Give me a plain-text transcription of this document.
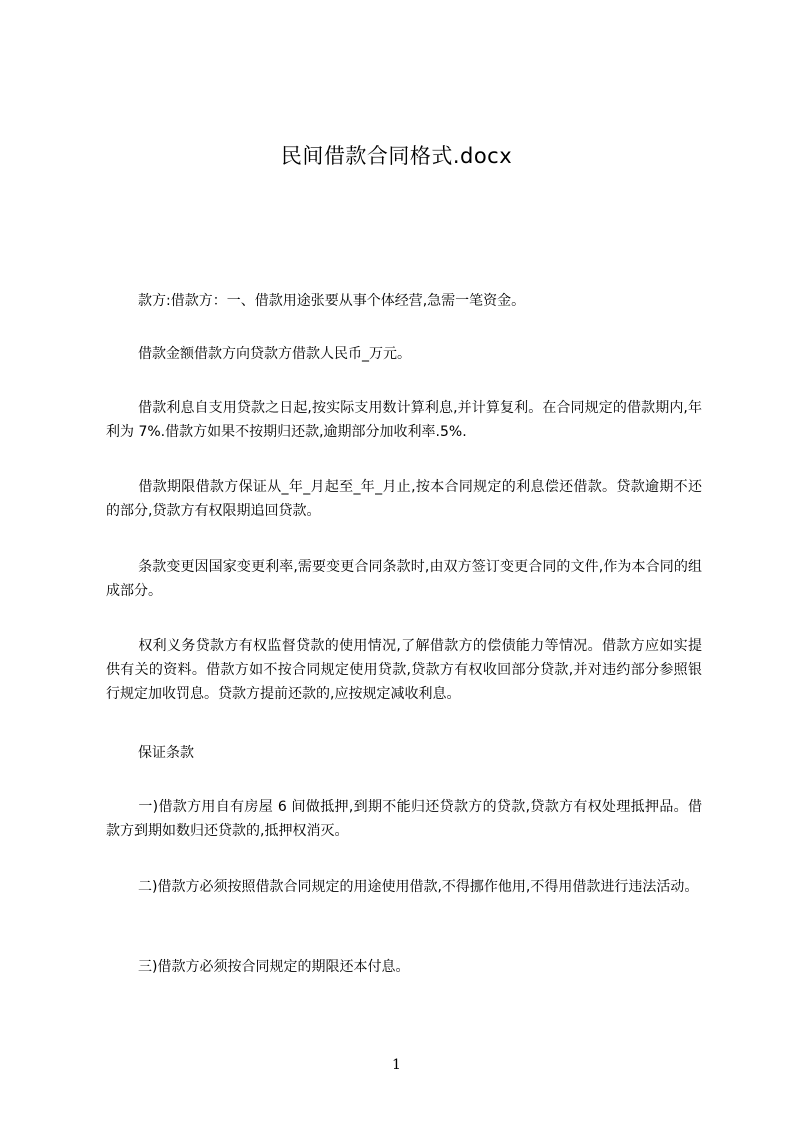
民间借款合同格式.docx

款方:借款方：一、借款用途张要从事个体经营,急需一笔资金。

借款金额借款方向贷款方借款人民币_万元。

借款利息自支用贷款之日起,按实际支用数计算利息,并计算复利。在合同规定的借款期内,年利为 7%.借款方如果不按期归还款,逾期部分加收利率.5%.

借款期限借款方保证从_年_月起至_年_月止,按本合同规定的利息偿还借款。贷款逾期不还的部分,贷款方有权限期追回贷款。

条款变更因国家变更利率,需要变更合同条款时,由双方签订变更合同的文件,作为本合同的组成部分。

权利义务贷款方有权监督贷款的使用情况,了解借款方的偿债能力等情况。借款方应如实提供有关的资料。借款方如不按合同规定使用贷款,贷款方有权收回部分贷款,并对违约部分参照银行规定加收罚息。贷款方提前还款的,应按规定减收利息。

保证条款

一)借款方用自有房屋 6 间做抵押,到期不能归还贷款方的贷款,贷款方有权处理抵押品。借款方到期如数归还贷款的,抵押权消灭。

二)借款方必须按照借款合同规定的用途使用借款,不得挪作他用,不得用借款进行违法活动。

三)借款方必须按合同规定的期限还本付息。

1
